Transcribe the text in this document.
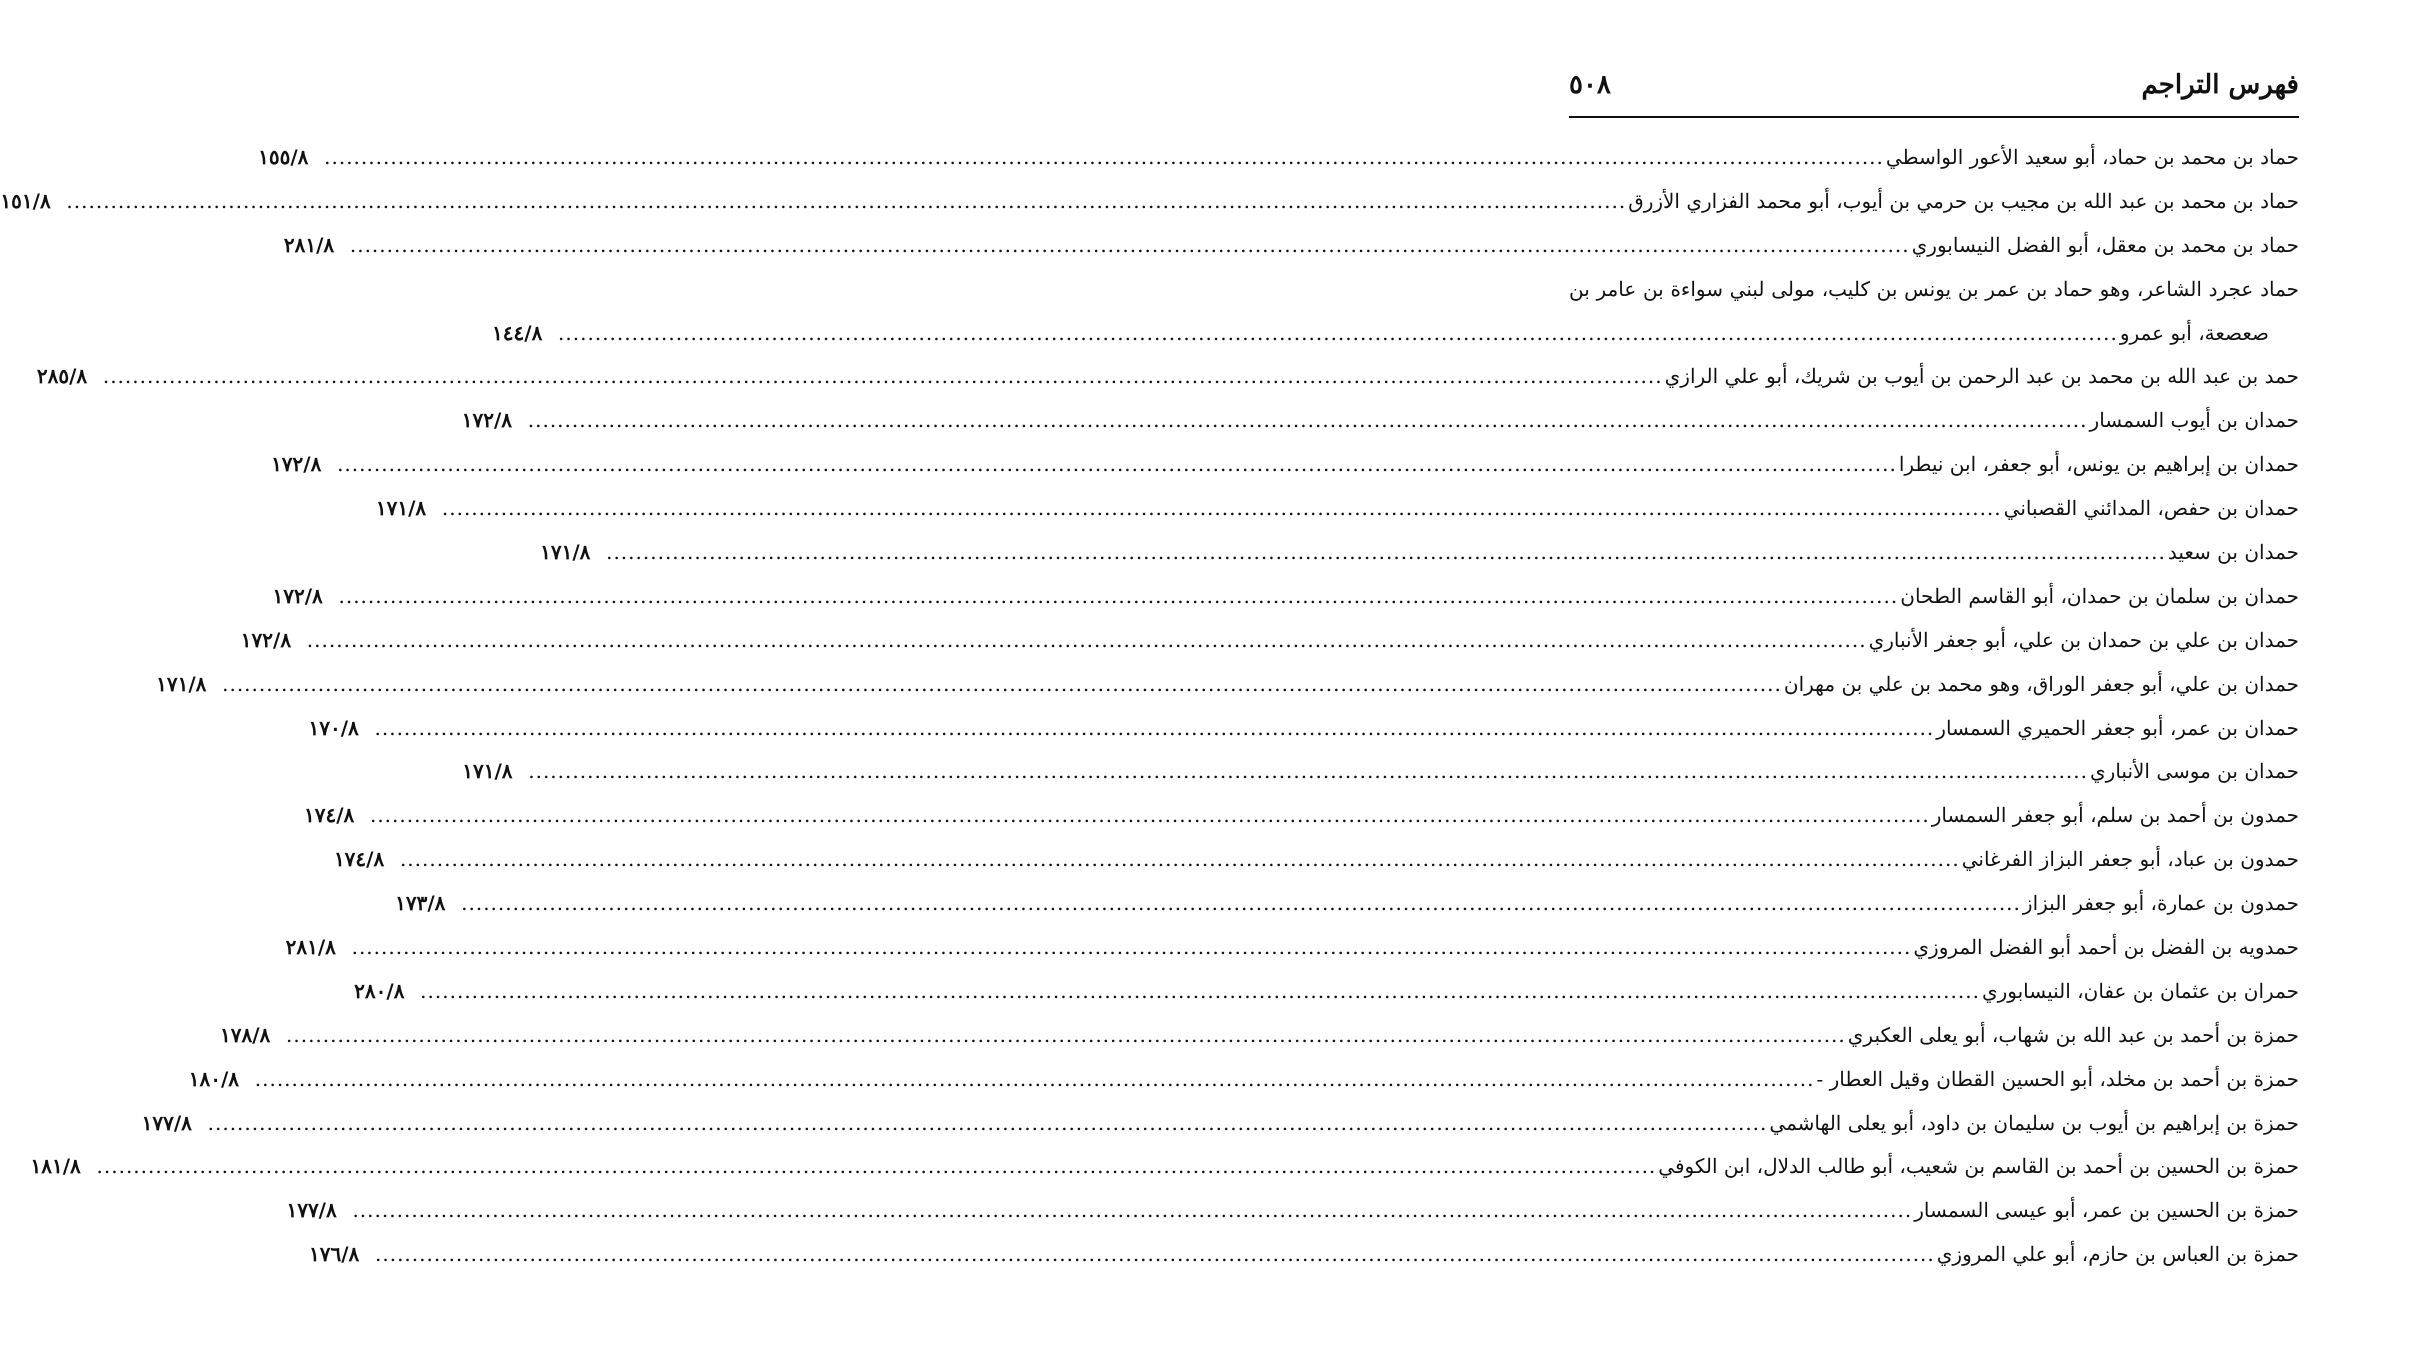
فهرس التراجم
٥٠٨
حماد بن محمد بن حماد، أبو سعيد الأعور الواسطي
.....
١٥٥/٨
حماد بن محمد بن عبد الله بن مجيب بن حرمي بن أيوب، أبو محمد الفزاري الأزرق
.....
١٥١/٨
حماد بن محمد بن معقل، أبو الفضل النيسابوري
.....
٢٨١/٨
حماد عجرد الشاعر، وهو حماد بن عمر بن يونس بن كليب، مولى لبني سواءة بن عامر بن
صعصعة، أبو عمرو
.....
١٤٤/٨
حمد بن عبد الله بن محمد بن عبد الرحمن بن أيوب بن شريك، أبو علي الرازي
.....
٢٨٥/٨
حمدان بن أيوب السمسار
.....
١٧٢/٨
حمدان بن إبراهيم بن يونس، أبو جعفر، ابن نيطرا
.....
١٧٢/٨
حمدان بن حفص، المدائني القصباني
.....
١٧١/٨
حمدان بن سعيد
.....
١٧١/٨
حمدان بن سلمان بن حمدان، أبو القاسم الطحان
.....
١٧٢/٨
حمدان بن علي بن حمدان بن علي، أبو جعفر الأنباري
.....
١٧٢/٨
حمدان بن علي، أبو جعفر الوراق، وهو محمد بن علي بن مهران
.....
١٧١/٨
حمدان بن عمر، أبو جعفر الحميري السمسار
.....
١٧٠/٨
حمدان بن موسى الأنباري
.....
١٧١/٨
حمدون بن أحمد بن سلم، أبو جعفر السمسار
.....
١٧٤/٨
حمدون بن عباد، أبو جعفر البزاز الفرغاني
.....
١٧٤/٨
حمدون بن عمارة، أبو جعفر البزاز
.....
١٧٣/٨
حمدويه بن الفضل بن أحمد أبو الفضل المروزي
.....
٢٨١/٨
حمران بن عثمان بن عفان، النيسابوري
.....
٢٨٠/٨
حمزة بن أحمد بن عبد الله بن شهاب، أبو يعلى العكبري
.....
١٧٨/٨
حمزة بن أحمد بن مخلد، أبو الحسين القطان وقيل العطار -
.....
١٨٠/٨
حمزة بن إبراهيم بن أيوب بن سليمان بن داود، أبو يعلى الهاشمي
.....
١٧٧/٨
حمزة بن الحسين بن أحمد بن القاسم بن شعيب، أبو طالب الدلال، ابن الكوفي
.....
١٨١/٨
حمزة بن الحسين بن عمر، أبو عيسى السمسار
.....
١٧٧/٨
حمزة بن العباس بن حازم، أبو علي المروزي
.....
١٧٦/٨
